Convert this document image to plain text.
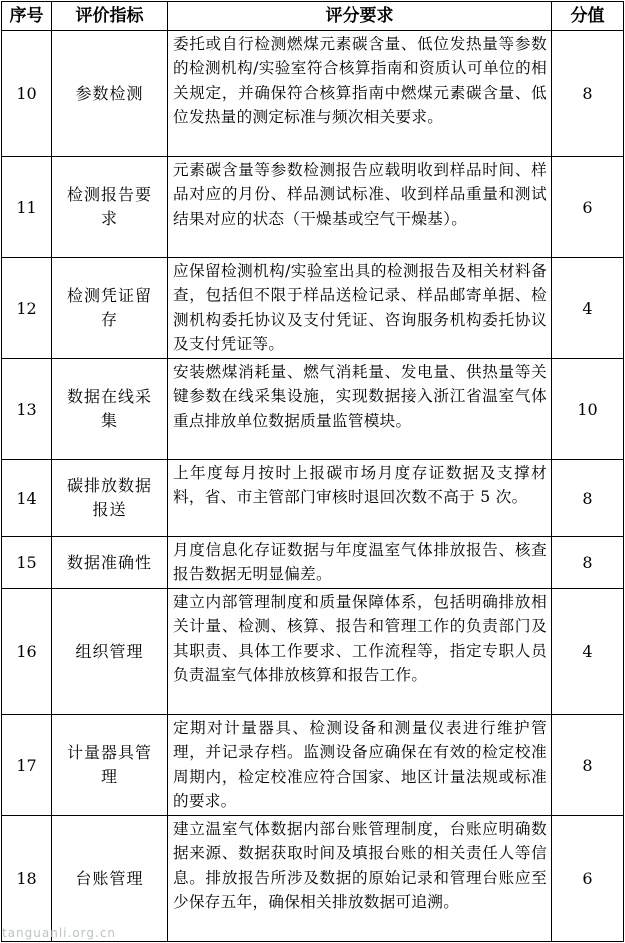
序号	评价指标	评分要求	分值
10	参数检测	委托或自行检测燃煤元素碳含量、低位发热量等参数的检测机构/实验室符合核算指南和资质认可单位的相关规定，并确保符合核算指南中燃煤元素碳含量、低位发热量的测定标准与频次相关要求。	8
11	检测报告要求	元素碳含量等参数检测报告应载明收到样品时间、样品对应的月份、样品测试标准、收到样品重量和测试结果对应的状态（干燥基或空气干燥基）。	6
12	检测凭证留存	应保留检测机构/实验室出具的检测报告及相关材料备查，包括但不限于样品送检记录、样品邮寄单据、检测机构委托协议及支付凭证、咨询服务机构委托协议及支付凭证等。	4
13	数据在线采集	安装燃煤消耗量、燃气消耗量、发电量、供热量等关键参数在线采集设施，实现数据接入浙江省温室气体重点排放单位数据质量监管模块。	10
14	碳排放数据报送	上年度每月按时上报碳市场月度存证数据及支撑材料，省、市主管部门审核时退回次数不高于 5 次。	8
15	数据准确性	月度信息化存证数据与年度温室气体排放报告、核查报告数据无明显偏差。	8
16	组织管理	建立内部管理制度和质量保障体系，包括明确排放相关计量、检测、核算、报告和管理工作的负责部门及其职责、具体工作要求、工作流程等，指定专职人员负责温室气体排放核算和报告工作。	4
17	计量器具管理	定期对计量器具、检测设备和测量仪表进行维护管理，并记录存档。监测设备应确保在有效的检定校准周期内，检定校准应符合国家、地区计量法规或标准的要求。	8
18	台账管理	建立温室气体数据内部台账管理制度，台账应明确数据来源、数据获取时间及填报台账的相关责任人等信息。排放报告所涉及数据的原始记录和管理台账应至少保存五年，确保相关排放数据可追溯。	6
tanguanli.org.cn
